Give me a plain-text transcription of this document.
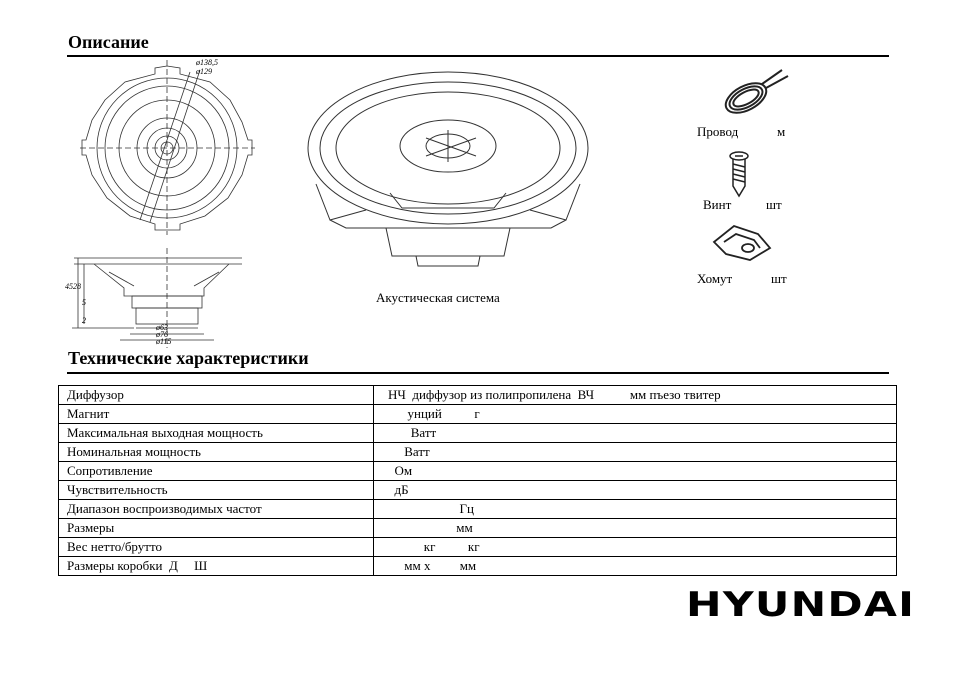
Описание
ø138,5
ø129
45 28
5
2
ø63
ø76
ø115
Акустическая система
Провод	м
Винт	шт
Хомут	шт
Технические характеристики
Диффузор	НЧ  диффузор из полипропилена  ВЧ           мм пъезо твитер
Магнит	унций          г
Максимальная выходная мощность	Ватт
Номинальная мощность	Ватт
Сопротивление	Ом
Чувствительность	дБ
Диапазон воспроизводимых частот	Гц
Размеры	мм
Вес нетто/брутто	кг          кг
Размеры коробки  Д     Ш	мм х         мм
HYUNDAI
